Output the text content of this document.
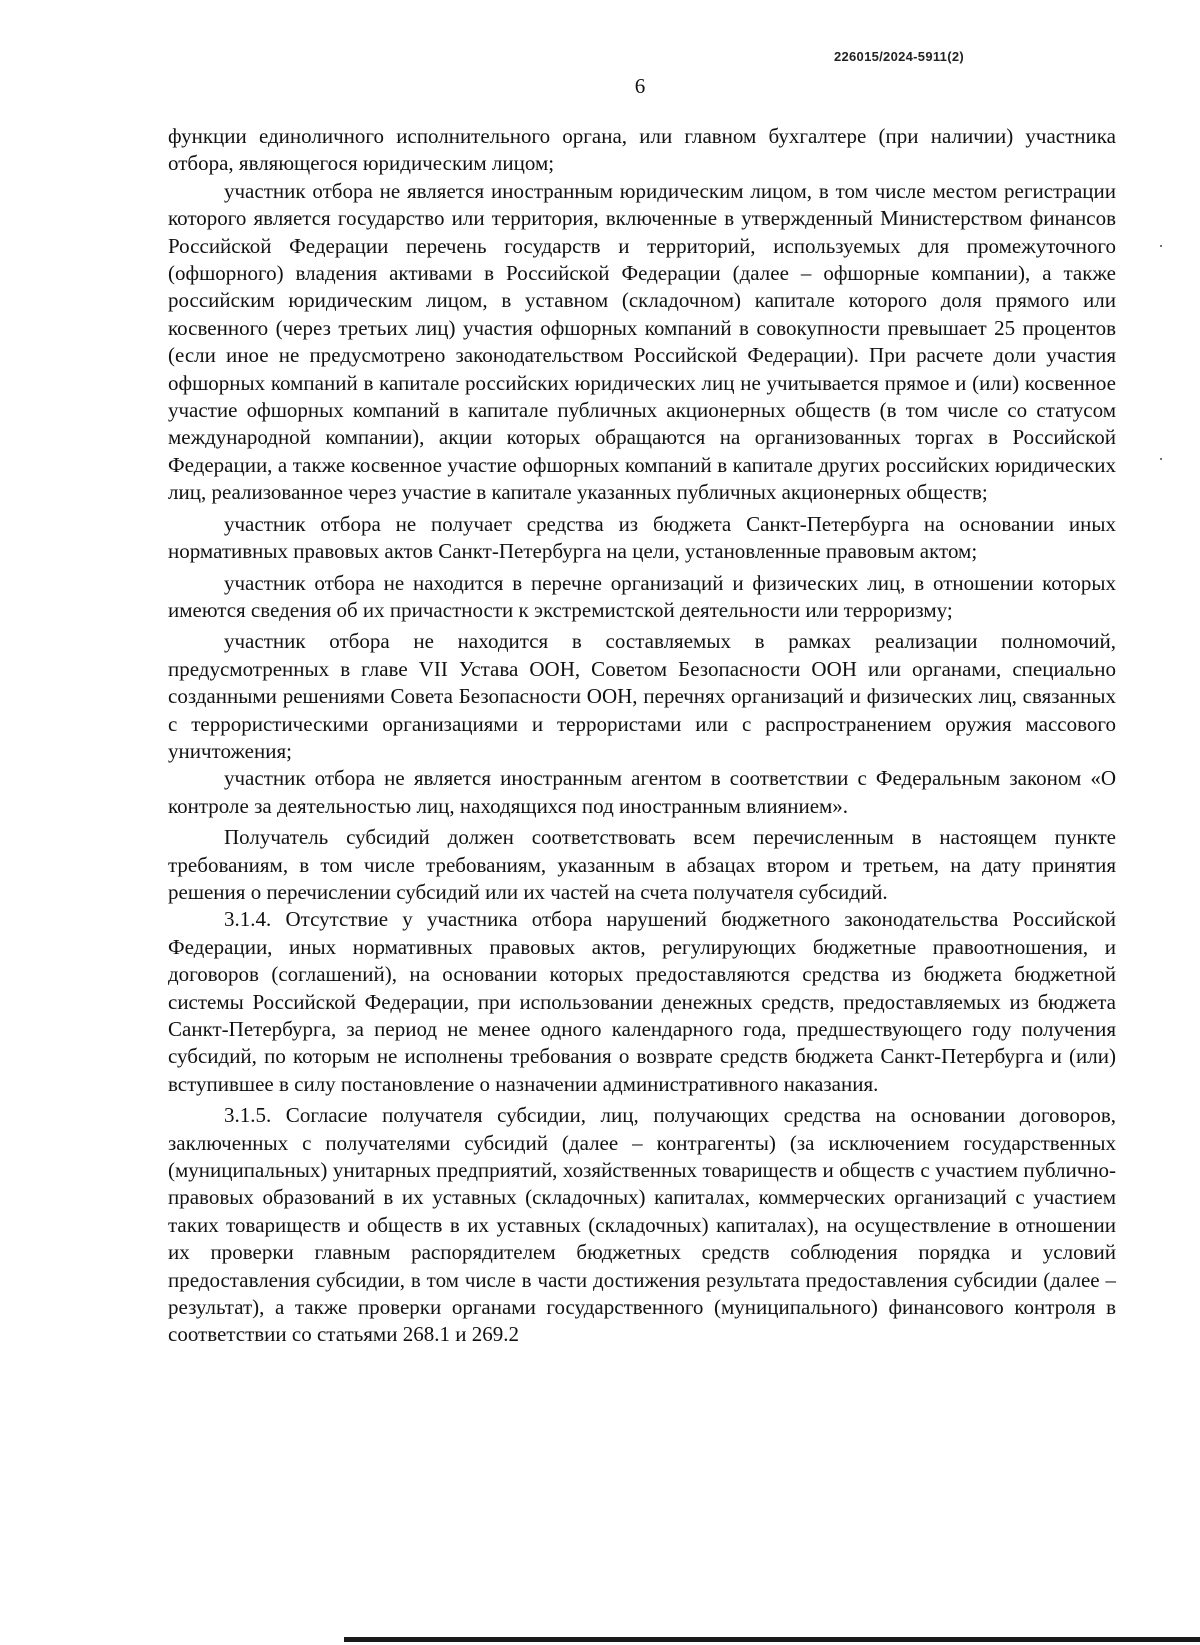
226015/2024-5911(2)
6

функции единоличного исполнительного органа, или главном бухгалтере (при наличии) участника отбора, являющегося юридическим лицом;

участник отбора не является иностранным юридическим лицом, в том числе местом регистрации которого является государство или территория, включенные в утвержденный Министерством финансов Российской Федерации перечень государств и территорий, используемых для промежуточного (офшорного) владения активами в Российской Федерации (далее – офшорные компании), а также российским юридическим лицом, в уставном (складочном) капитале которого доля прямого или косвенного (через третьих лиц) участия офшорных компаний в совокупности превышает 25 процентов (если иное не предусмотрено законодательством Российской Федерации). При расчете доли участия офшорных компаний в капитале российских юридических лиц не учитывается прямое и (или) косвенное участие офшорных компаний в капитале публичных акционерных обществ (в том числе со статусом международной компании), акции которых обращаются на организованных торгах в Российской Федерации, а также косвенное участие офшорных компаний в капитале других российских юридических лиц, реализованное через участие в капитале указанных публичных акционерных обществ;

участник отбора не получает средства из бюджета Санкт-Петербурга на основании иных нормативных правовых актов Санкт-Петербурга на цели, установленные правовым актом;

участник отбора не находится в перечне организаций и физических лиц, в отношении которых имеются сведения об их причастности к экстремистской деятельности или терроризму;

участник отбора не находится в составляемых в рамках реализации полномочий, предусмотренных в главе VII Устава ООН, Советом Безопасности ООН или органами, специально созданными решениями Совета Безопасности ООН, перечнях организаций и физических лиц, связанных с террористическими организациями и террористами или с распространением оружия массового уничтожения;

участник отбора не является иностранным агентом в соответствии с Федеральным законом «О контроле за деятельностью лиц, находящихся под иностранным влиянием».

Получатель субсидий должен соответствовать всем перечисленным в настоящем пункте требованиям, в том числе требованиям, указанным в абзацах втором и третьем, на дату принятия решения о перечислении субсидий или их частей на счета получателя субсидий.

3.1.4. Отсутствие у участника отбора нарушений бюджетного законодательства Российской Федерации, иных нормативных правовых актов, регулирующих бюджетные правоотношения, и договоров (соглашений), на основании которых предоставляются средства из бюджета бюджетной системы Российской Федерации, при использовании денежных средств, предоставляемых из бюджета Санкт-Петербурга, за период не менее одного календарного года, предшествующего году получения субсидий, по которым не исполнены требования о возврате средств бюджета Санкт-Петербурга и (или) вступившее в силу постановление о назначении административного наказания.

3.1.5. Согласие получателя субсидии, лиц, получающих средства на основании договоров, заключенных с получателями субсидий (далее – контрагенты) (за исключением государственных (муниципальных) унитарных предприятий, хозяйственных товариществ и обществ с участием публично-правовых образований в их уставных (складочных) капиталах, коммерческих организаций с участием таких товариществ и обществ в их уставных (складочных) капиталах), на осуществление в отношении их проверки главным распорядителем бюджетных средств соблюдения порядка и условий предоставления субсидии, в том числе в части достижения результата предоставления субсидии (далее – результат), а также проверки органами государственного (муниципального) финансового контроля в соответствии со статьями 268.1 и 269.2
